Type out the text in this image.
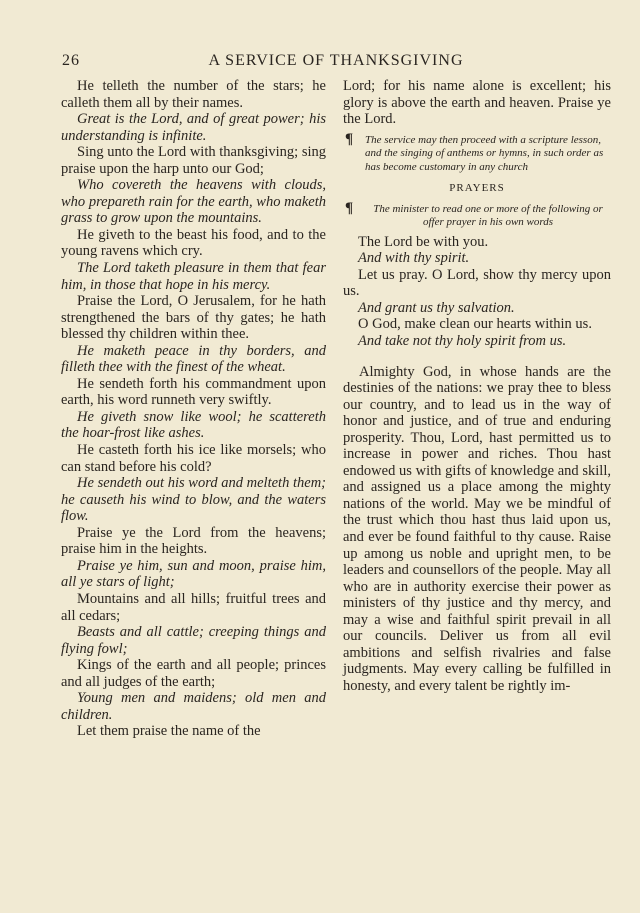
26	A SERVICE OF THANKSGIVING

He telleth the number of the stars; he calleth them all by their names.

Great is the Lord, and of great power; his understanding is infinite.

Sing unto the Lord with thanksgiving; sing praise upon the harp unto our God;

Who covereth the heavens with clouds, who prepareth rain for the earth, who maketh grass to grow upon the mountains.

He giveth to the beast his food, and to the young ravens which cry.

The Lord taketh pleasure in them that fear him, in those that hope in his mercy.

Praise the Lord, O Jerusalem, for he hath strengthened the bars of thy gates; he hath blessed thy children within thee.

He maketh peace in thy borders, and filleth thee with the finest of the wheat.

He sendeth forth his commandment upon earth, his word runneth very swiftly.

He giveth snow like wool; he scattereth the hoar-frost like ashes.

He casteth forth his ice like morsels; who can stand before his cold?

He sendeth out his word and melteth them; he causeth his wind to blow, and the waters flow.

Praise ye the Lord from the heavens; praise him in the heights.

Praise ye him, sun and moon, praise him, all ye stars of light;

Mountains and all hills; fruitful trees and all cedars;

Beasts and all cattle; creeping things and flying fowl;

Kings of the earth and all people; princes and all judges of the earth;

Young men and maidens; old men and children.

Let them praise the name of the

Lord; for his name alone is excellent; his glory is above the earth and heaven. Praise ye the Lord.

¶ The service may then proceed with a scripture lesson, and the singing of anthems or hymns, in such order as has become customary in any church
PRAYERS
¶	The minister to read one or more of the following or offer prayer in his own words

The Lord be with you.

And with thy spirit.

Let us pray. O Lord, show thy mercy upon us.

And grant us thy salvation.

O God, make clean our hearts within us.

And take not thy holy spirit from us.

Almighty God, in whose hands are the destinies of the nations: we pray thee to bless our country, and to lead us in the way of honor and justice, and of true and enduring prosperity. Thou, Lord, hast permitted us to increase in power and riches. Thou hast endowed us with gifts of knowledge and skill, and assigned us a place among the mighty nations of the world. May we be mindful of the trust which thou hast thus laid upon us, and ever be found faithful to thy cause. Raise up among us noble and upright men, to be leaders and counsellors of the people. May all who are in authority exercise their power as ministers of thy justice and thy mercy, and may a wise and faithful spirit prevail in all our councils. Deliver us from all evil ambitions and selfish rivalries and false judgments. May every calling be fulfilled in honesty, and every talent be rightly im-
